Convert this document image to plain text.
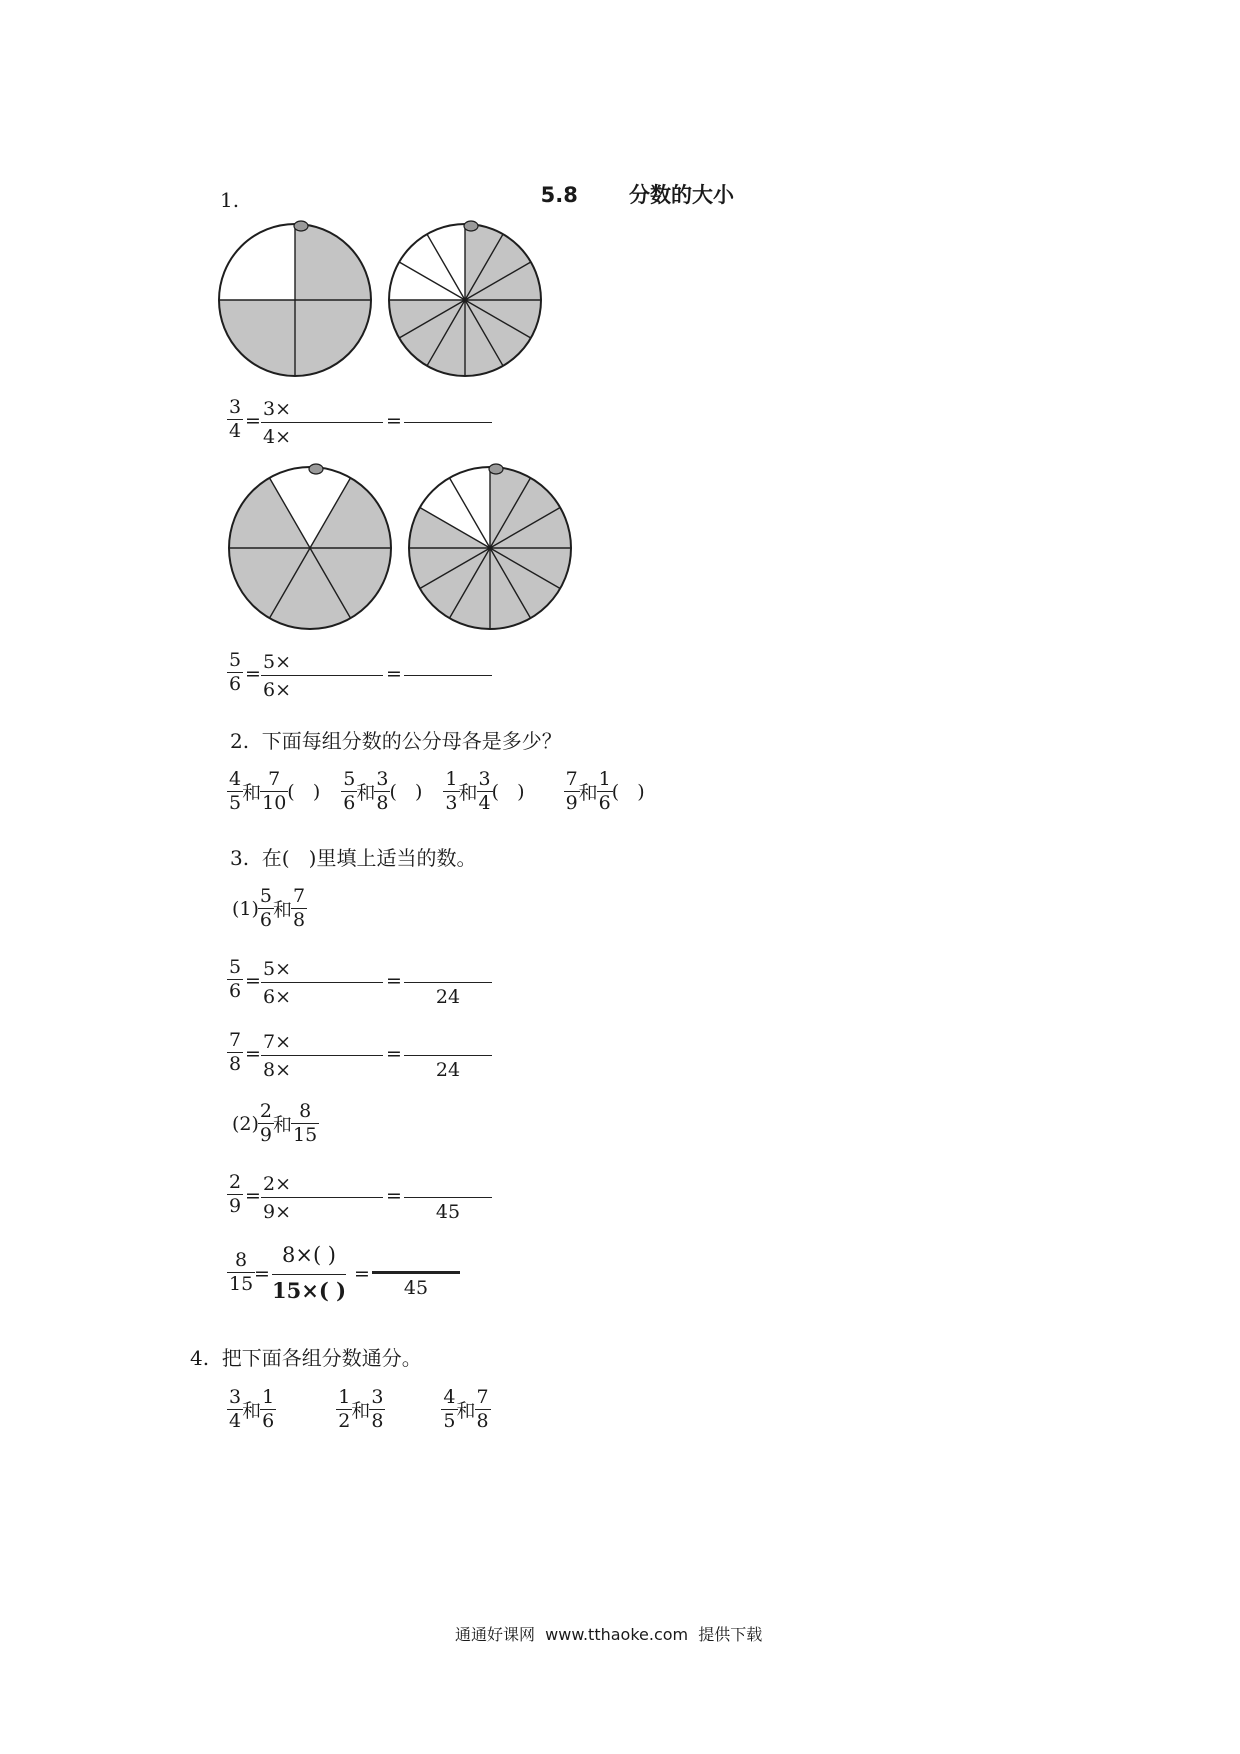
5.8 分数的大小

1.
$\frac{3}{4}$ =
3×
4×
=
$\frac{5}{6}$ =
5×
6×
=
2.  下面每组分数的公分母各是多少？
$\frac{4}{5}$ 和 $\frac{7}{10}$ (   ) $\frac{5}{6}$ 和 $\frac{3}{8}$ (   ) $\frac{1}{3}$ 和 $\frac{3}{4}$ (   ) $\frac{7}{9}$ 和 $\frac{1}{6}$ (   )
3.  在(   )里填上适当的数。
$(1) \frac{5}{6}$ 和 $\frac{7}{8}$
$\frac{5}{6}$ =
5×
6×
=
24
$\frac{7}{8}$ =
7×
8×
=
24
$(2) \frac{2}{9}$ 和 $\frac{8}{15}$
$\frac{2}{9}$ =
2×
9×
=
45
$\frac{8}{15}$ =
8×( )
15×( )
=
45
4.  把下面各组分数通分。
$\frac{3}{4}$ 和 $\frac{1}{6}$	$\frac{1}{2}$ 和 $\frac{3}{8}$	$\frac{4}{5}$ 和 $\frac{7}{8}$
通通好课网  www.tthaoke.com  提供下载
